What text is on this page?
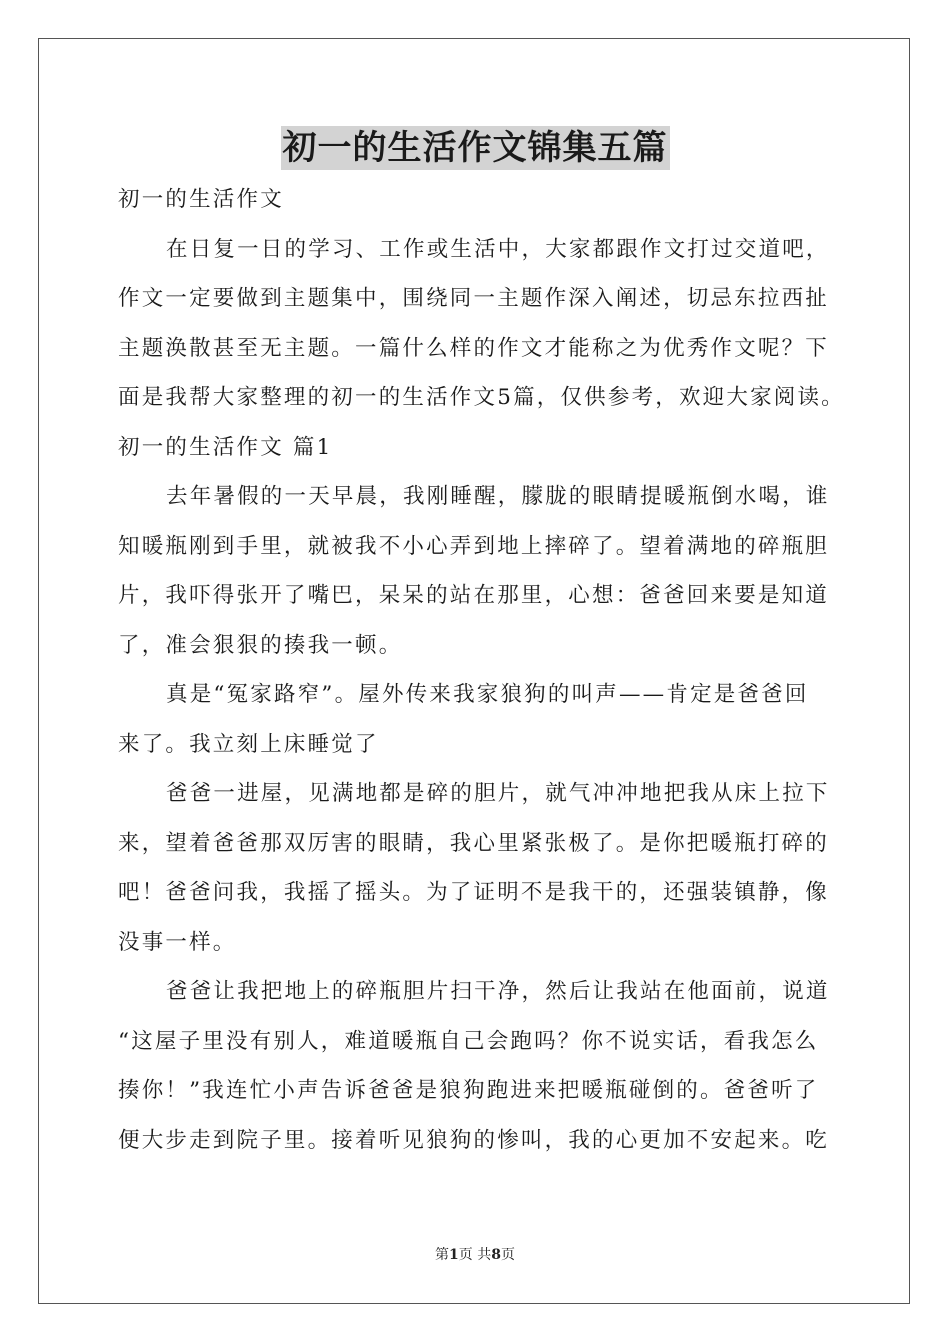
初一的生活作文锦集五篇
初一的生活作文
在日复一日的学习、工作或生活中，大家都跟作文打过交道吧，
作文一定要做到主题集中，围绕同一主题作深入阐述，切忌东拉西扯
主题涣散甚至无主题。一篇什么样的作文才能称之为优秀作文呢？下
面是我帮大家整理的初一的生活作文5篇，仅供参考，欢迎大家阅读。
初一的生活作文 篇1
去年暑假的一天早晨，我刚睡醒，朦胧的眼睛提暖瓶倒水喝，谁
知暖瓶刚到手里，就被我不小心弄到地上摔碎了。望着满地的碎瓶胆
片，我吓得张开了嘴巴，呆呆的站在那里，心想：爸爸回来要是知道
了，准会狠狠的揍我一顿。
真是“冤家路窄”。屋外传来我家狼狗的叫声——肯定是爸爸回
来了。我立刻上床睡觉了
爸爸一进屋，见满地都是碎的胆片，就气冲冲地把我从床上拉下
来，望着爸爸那双厉害的眼睛，我心里紧张极了。是你把暖瓶打碎的
吧！爸爸问我，我摇了摇头。为了证明不是我干的，还强装镇静，像
没事一样。
爸爸让我把地上的碎瓶胆片扫干净，然后让我站在他面前，说道
“这屋子里没有别人，难道暖瓶自己会跑吗？你不说实话，看我怎么
揍你！”我连忙小声告诉爸爸是狼狗跑进来把暖瓶碰倒的。爸爸听了
便大步走到院子里。接着听见狼狗的惨叫，我的心更加不安起来。吃
第1页 共8页
